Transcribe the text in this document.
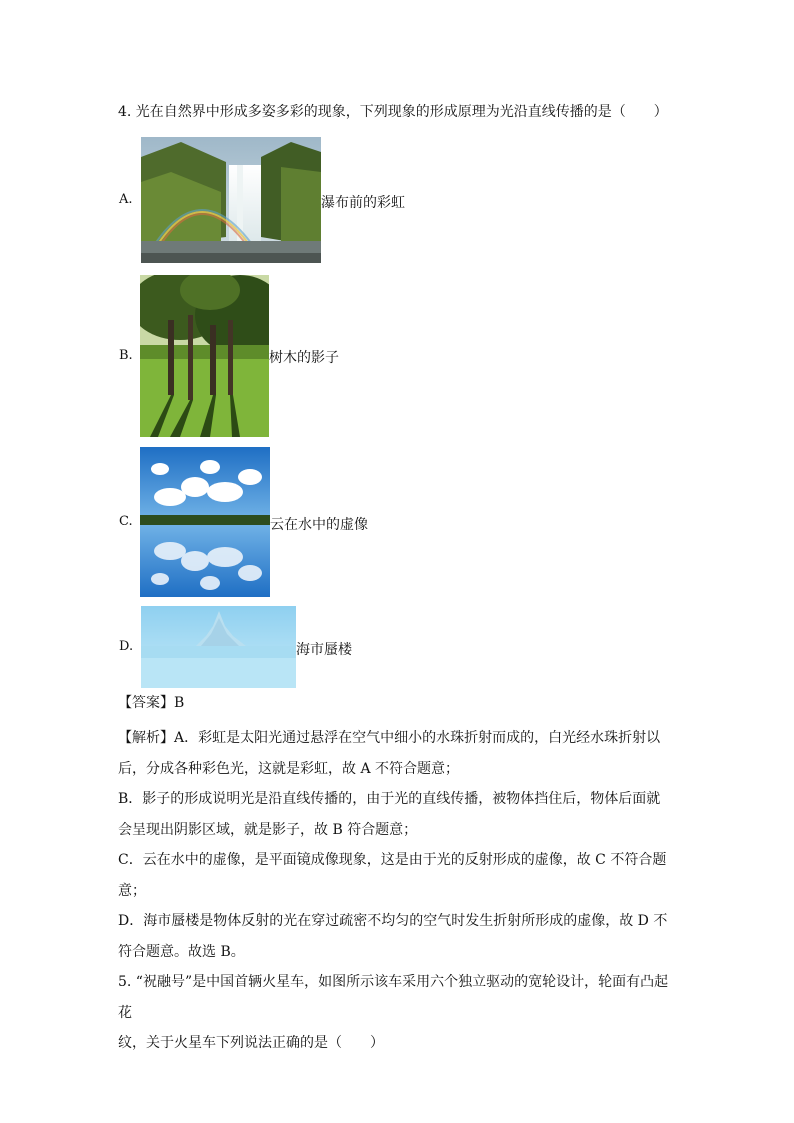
4. 光在自然界中形成多姿多彩的现象，下列现象的形成原理为光沿直线传播的是（　　）
A.	瀑布前的彩虹
B.	树木的影子
C.	云在水中的虚像
D.	海市蜃楼
【答案】B
【解析】A．彩虹是太阳光通过悬浮在空气中细小的水珠折射而成的，白光经水珠折射以
后，分成各种彩色光，这就是彩虹，故 A 不符合题意；
B．影子的形成说明光是沿直线传播的，由于光的直线传播，被物体挡住后，物体后面就
会呈现出阴影区域，就是影子，故 B 符合题意；
C．云在水中的虚像，是平面镜成像现象，这是由于光的反射形成的虚像，故 C 不符合题
意；
D．海市蜃楼是物体反射的光在穿过疏密不均匀的空气时发生折射所形成的虚像，故 D 不
符合题意。故选 B。
5. “祝融号”是中国首辆火星车，如图所示该车采用六个独立驱动的宽轮设计，轮面有凸起花
纹，关于火星车下列说法正确的是（　　）
